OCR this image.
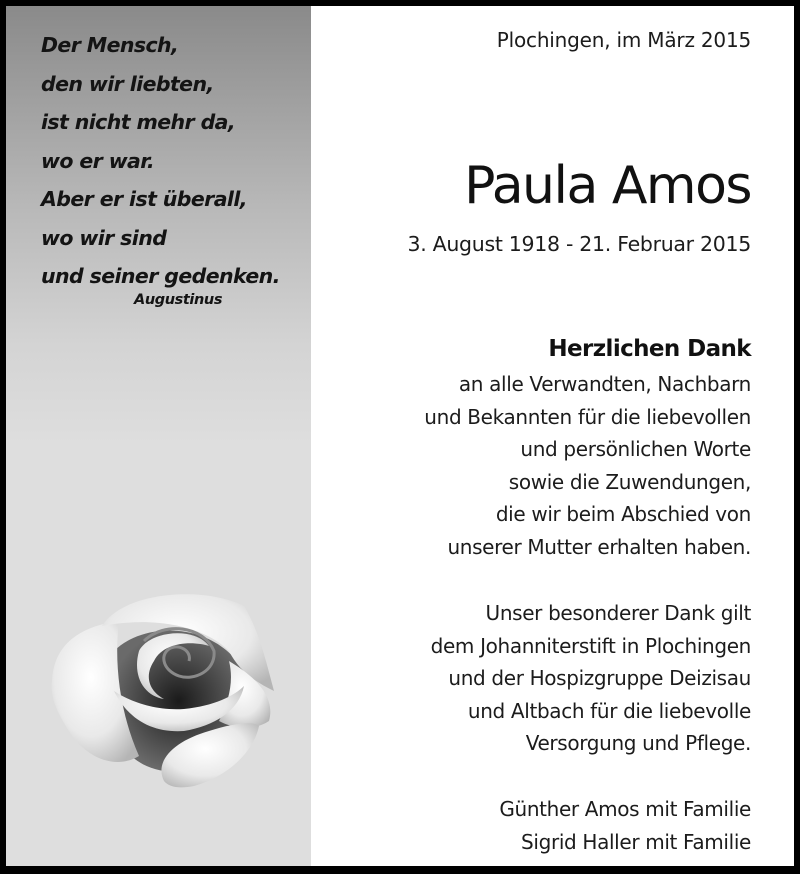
Der Mensch,
den wir liebten,
ist nicht mehr da,
wo er war.
Aber er ist überall,
wo wir sind
und seiner gedenken.
Augustinus
Plochingen, im März 2015
Paula Amos
3. August 1918 - 21. Februar 2015
Herzlichen Dank
an alle Verwandten, Nachbarn
und Bekannten für die liebevollen
und persönlichen Worte
sowie die Zuwendungen,
die wir beim Abschied von
unserer Mutter erhalten haben.
Unser besonderer Dank gilt
dem Johanniterstift in Plochingen
und der Hospizgruppe Deizisau
und Altbach für die liebevolle
Versorgung und Pflege.
Günther Amos mit Familie
Sigrid Haller mit Familie
